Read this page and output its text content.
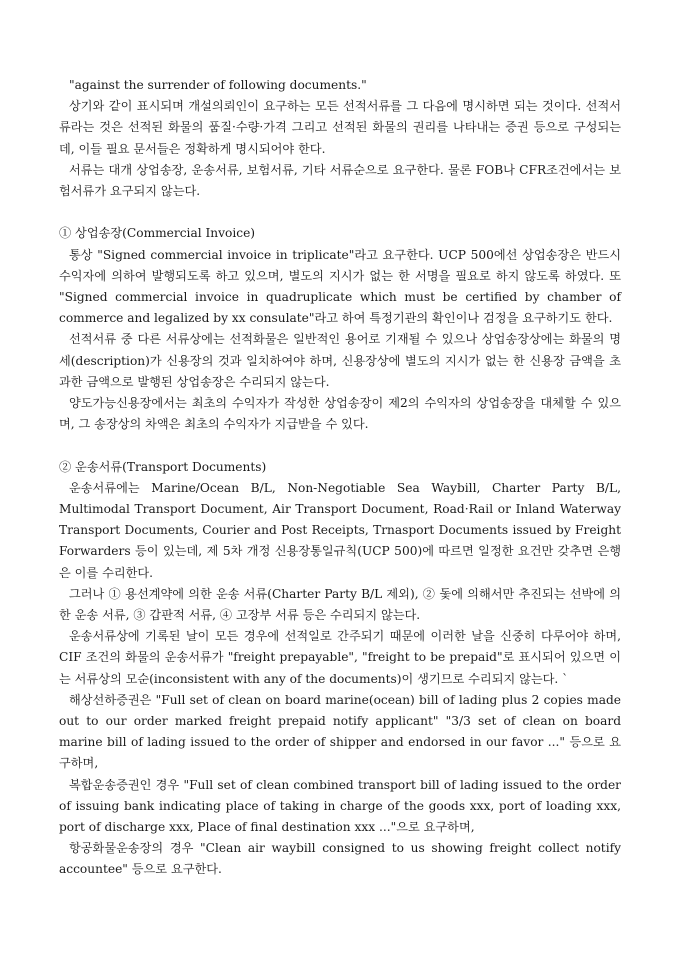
"against the surrender of following documents."

상기와 같이 표시되며 개설의뢰인이 요구하는 모든 선적서류를 그 다음에 명시하면 되는 것이다. 선적서류라는 것은 선적된 화물의 품질·수량·가격 그리고 선적된 화물의 권리를 나타내는 증권 등으로 구성되는데, 이들 필요 문서들은 정확하게 명시되어야 한다.

서류는 대개 상업송장, 운송서류, 보험서류, 기타 서류순으로 요구한다. 물론 FOB나 CFR조건에서는 보험서류가 요구되지 않는다.

① 상업송장(Commercial Invoice)

통상 "Signed commercial invoice in triplicate"라고 요구한다. UCP 500에선 상업송장은 반드시 수익자에 의하여 발행되도록 하고 있으며, 별도의 지시가 없는 한 서명을 필요로 하지 않도록 하였다. 또 "Signed commercial invoice in quadruplicate which must be certified by chamber of commerce and legalized by xx consulate"라고 하여 특정기관의 확인이나 검정을 요구하기도 한다.

선적서류 중 다른 서류상에는 선적화물은 일반적인 용어로 기재될 수 있으나 상업송장상에는 화물의 명세(description)가 신용장의 것과 일치하여야 하며, 신용장상에 별도의 지시가 없는 한 신용장 금액을 초과한 금액으로 발행된 상업송장은 수리되지 않는다.

양도가능신용장에서는 최초의 수익자가 작성한 상업송장이 제2의 수익자의 상업송장을 대체할 수 있으며, 그 송장상의 차액은 최초의 수익자가 지급받을 수 있다.

② 운송서류(Transport Documents)

운송서류에는 Marine/Ocean B/L, Non-Negotiable Sea Waybill, Charter Party B/L, Multimodal Transport Document, Air Transport Document, Road·Rail or Inland Waterway Transport Documents, Courier and Post Receipts, Trnasport Documents issued by Freight Forwarders 등이 있는데, 제 5차 개정 신용장통일규칙(UCP 500)에 따르면 일정한 요건만 갖추면 은행은 이를 수리한다.

그러나 ① 용선계약에 의한 운송 서류(Charter Party B/L 제외), ② 돛에 의해서만 추진되는 선박에 의한 운송 서류, ③ 갑판적 서류, ④ 고장부 서류 등은 수리되지 않는다.

운송서류상에 기록된 날이 모든 경우에 선적일로 간주되기 때문에 이러한 날을 신중히 다루어야 하며, CIF 조건의 화물의 운송서류가 "freight prepayable", "freight to be prepaid"로 표시되어 있으면 이는 서류상의 모순(inconsistent with any of the documents)이 생기므로 수리되지 않는다. `

해상선하증권은 "Full set of clean on board marine(ocean) bill of lading plus 2 copies made out to our order marked freight prepaid notify applicant" "3/3 set of clean on board marine bill of lading issued to the order of shipper and endorsed in our favor ..." 등으로 요구하며,

복합운송증권인 경우 "Full set of clean combined transport bill of lading issued to the order of issuing bank indicating place of taking in charge of the goods xxx, port of loading xxx, port of discharge xxx, Place of final destination xxx ..."으로 요구하며,

항공화물운송장의 경우 "Clean air waybill consigned to us showing freight collect notify accountee" 등으로 요구한다.
